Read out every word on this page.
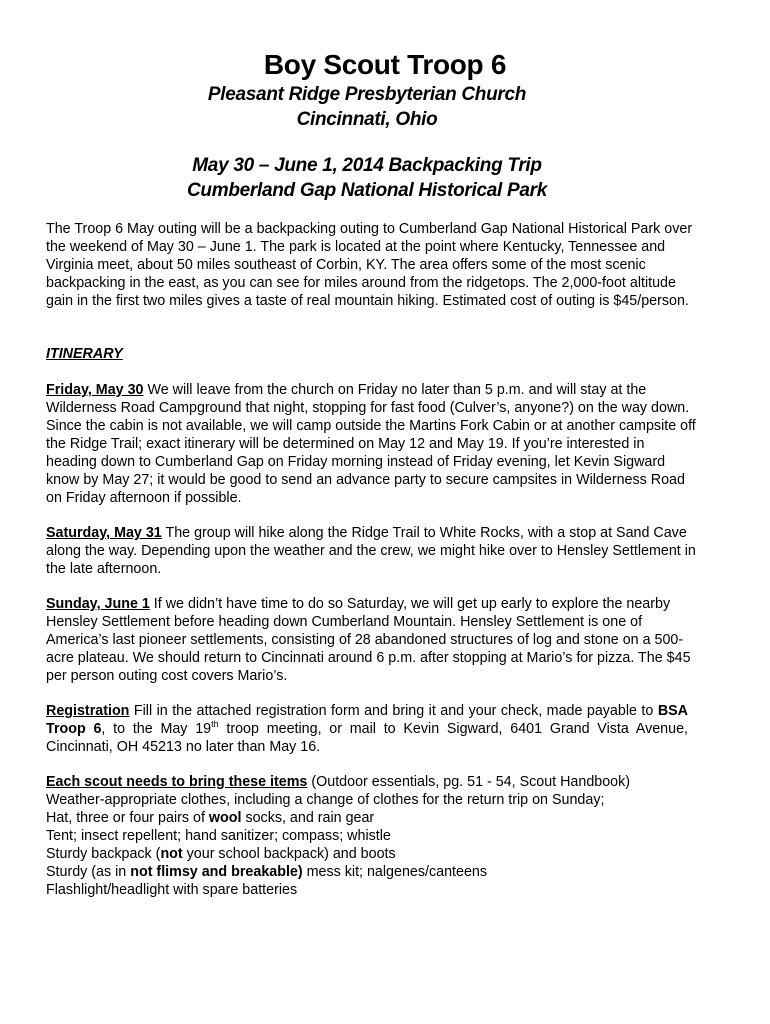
Boy Scout Troop 6
Pleasant Ridge Presbyterian Church
Cincinnati, Ohio
May 30 – June 1, 2014 Backpacking Trip
Cumberland Gap National Historical Park

The Troop 6 May outing will be a backpacking outing to Cumberland Gap National Historical Park over the weekend of May 30 – June 1. The park is located at the point where Kentucky, Tennessee and Virginia meet, about 50 miles southeast of Corbin, KY. The area offers some of the most scenic backpacking in the east, as you can see for miles around from the ridgetops. The 2,000-foot altitude gain in the first two miles gives a taste of real mountain hiking. Estimated cost of outing is $45/person.

ITINERARY

Friday, May 30 We will leave from the church on Friday no later than 5 p.m. and will stay at the Wilderness Road Campground that night, stopping for fast food (Culver’s, anyone?) on the way down. Since the cabin is not available, we will camp outside the Martins Fork Cabin or at another campsite off the Ridge Trail; exact itinerary will be determined on May 12 and May 19. If you’re interested in heading down to Cumberland Gap on Friday morning instead of Friday evening, let Kevin Sigward know by May 27; it would be good to send an advance party to secure campsites in Wilderness Road on Friday afternoon if possible.

Saturday, May 31 The group will hike along the Ridge Trail to White Rocks, with a stop at Sand Cave along the way. Depending upon the weather and the crew, we might hike over to Hensley Settlement in the late afternoon.

Sunday, June 1 If we didn’t have time to do so Saturday, we will get up early to explore the nearby Hensley Settlement before heading down Cumberland Mountain. Hensley Settlement is one of America’s last pioneer settlements, consisting of 28 abandoned structures of log and stone on a 500-acre plateau. We should return to Cincinnati around 6 p.m. after stopping at Mario’s for pizza. The $45 per person outing cost covers Mario’s.

Registration Fill in the attached registration form and bring it and your check, made payable to BSA Troop 6, to the May 19th troop meeting, or mail to Kevin Sigward, 6401 Grand Vista Avenue, Cincinnati, OH 45213 no later than May 16.

Each scout needs to bring these items (Outdoor essentials, pg. 51 - 54, Scout Handbook)
Weather-appropriate clothes, including a change of clothes for the return trip on Sunday;
Hat, three or four pairs of wool socks, and rain gear
Tent; insect repellent; hand sanitizer; compass; whistle
Sturdy backpack (not your school backpack) and boots
Sturdy (as in not flimsy and breakable) mess kit; nalgenes/canteens
Flashlight/headlight with spare batteries
